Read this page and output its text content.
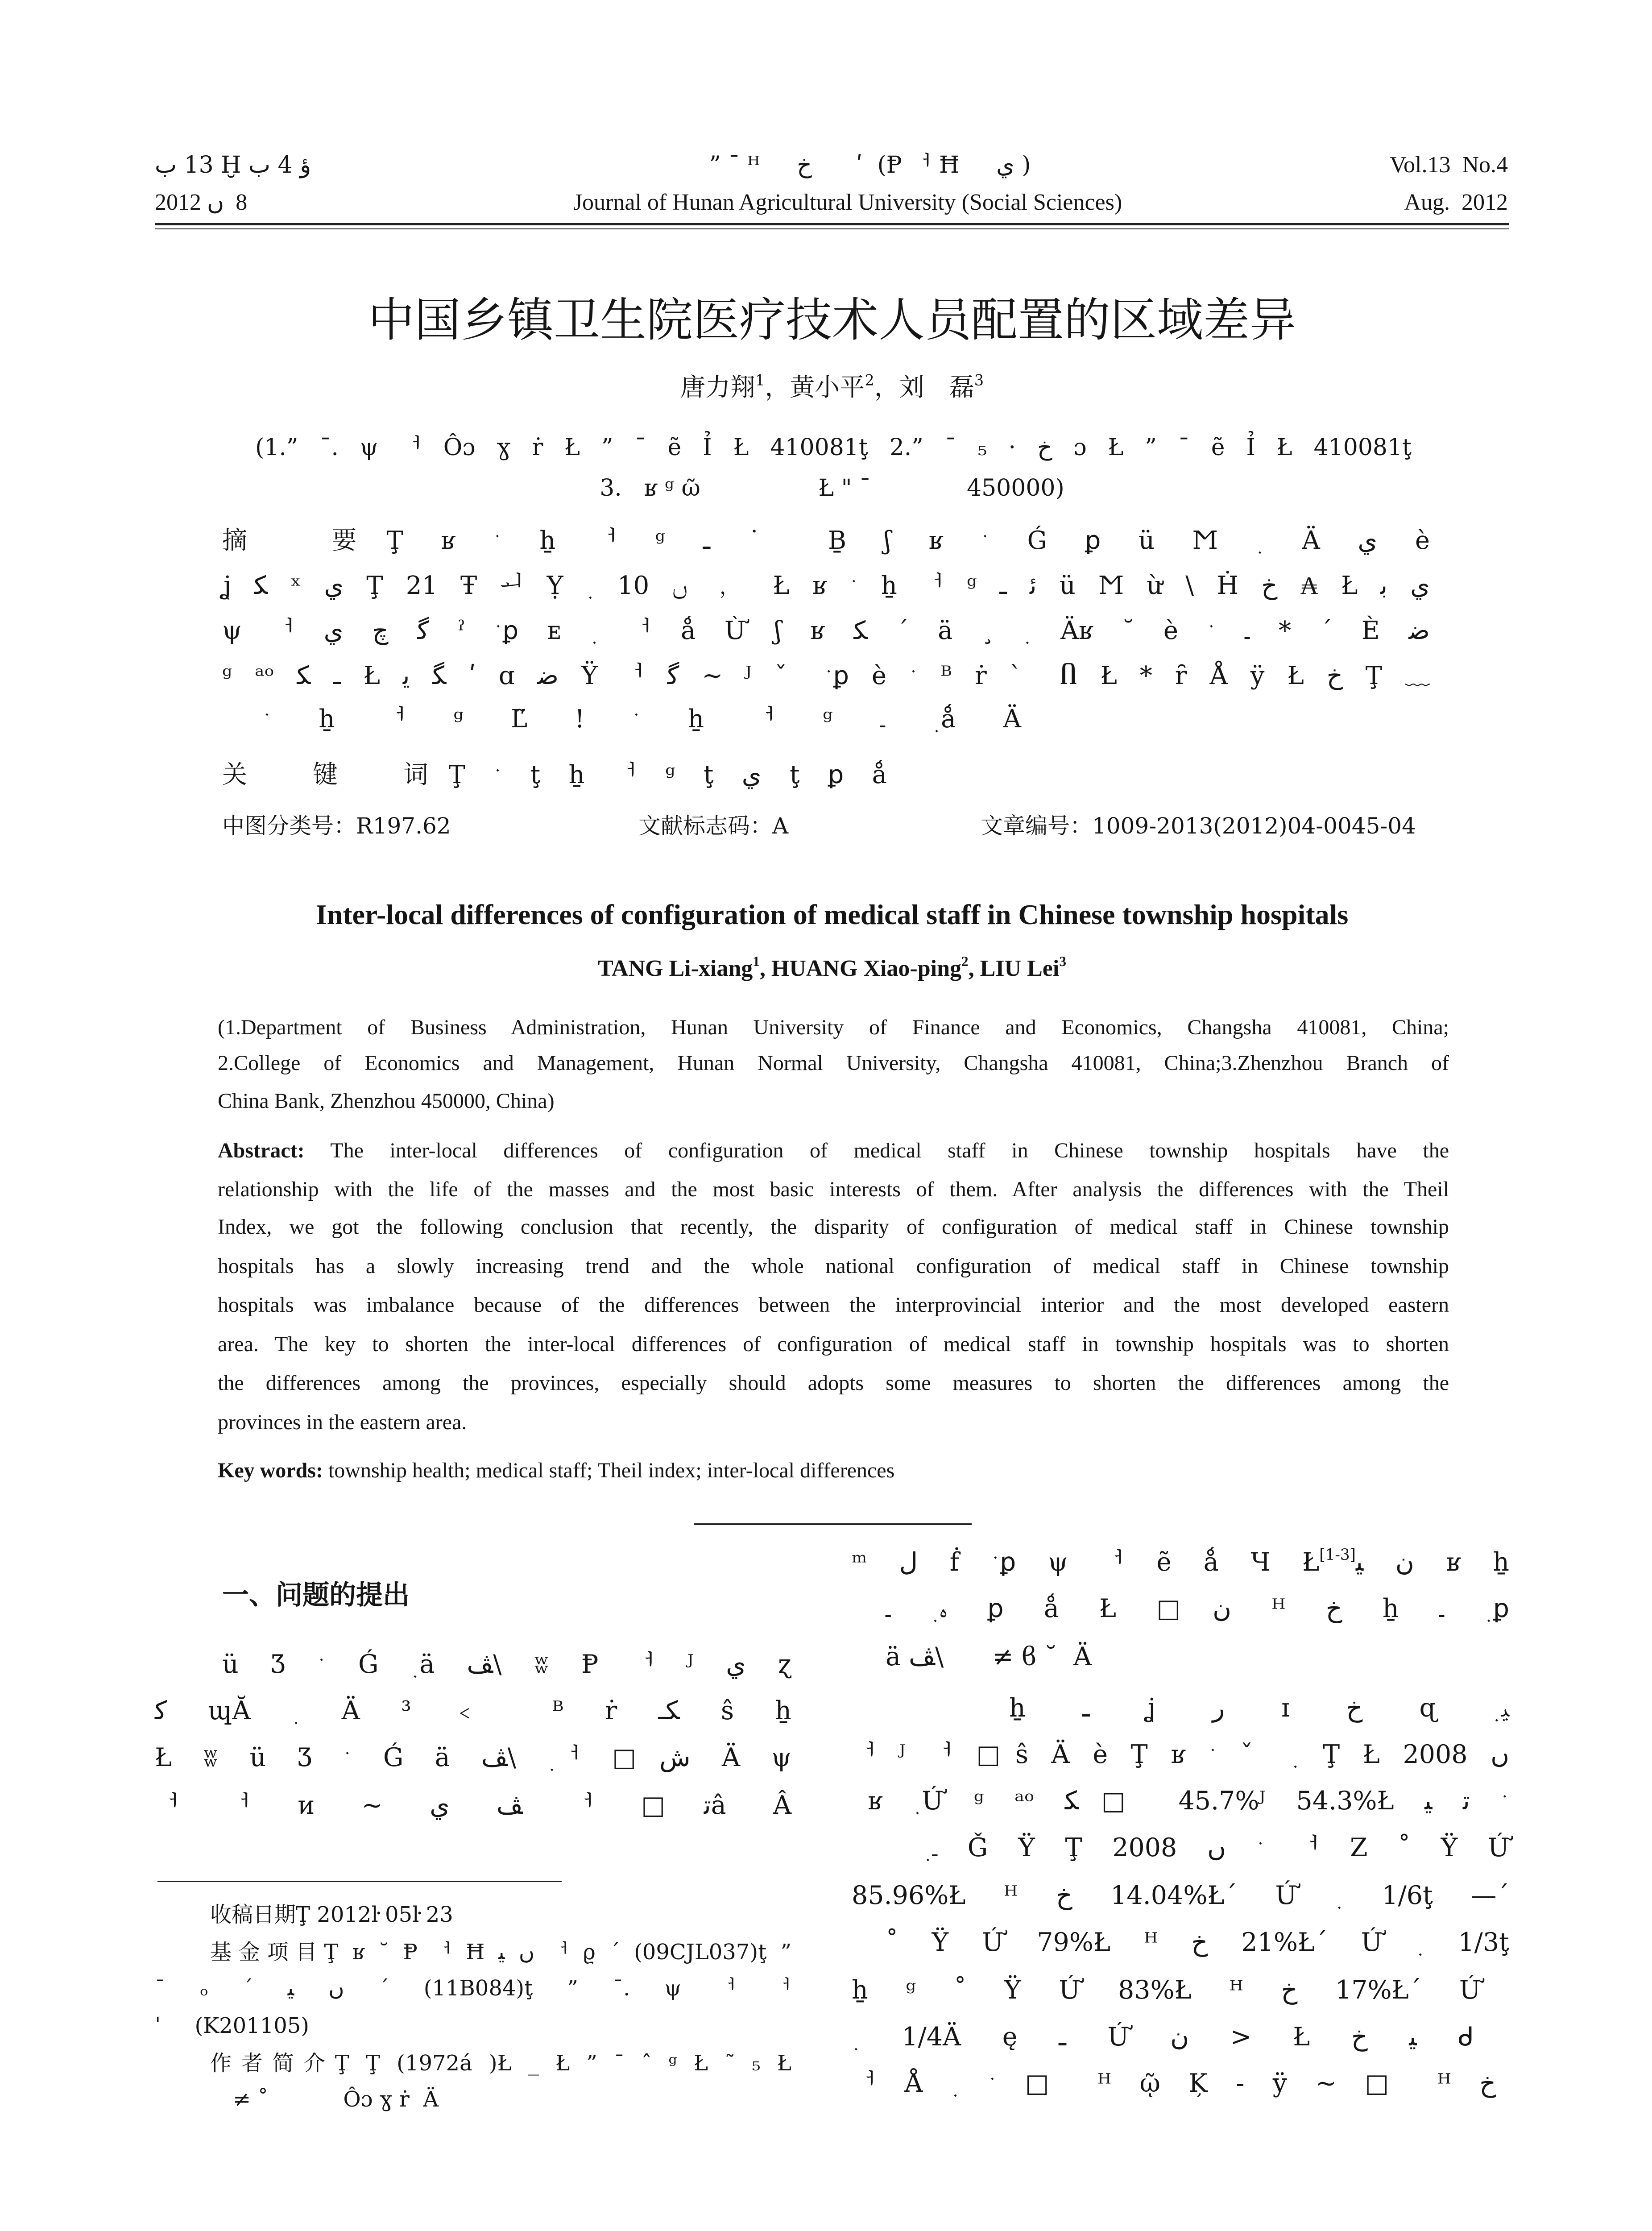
ب 13 Ḫ ب 4 ؤ
2012 ں  8
” ¯ ᴴ     ﺥ      ʹ  (Ᵽ ᅥ Ħ     ي )
Journal of Hunan Agricultural University (Social Sciences)
Vol.13  No.4
Aug.  2012
中国乡镇卫生院医疗技术人员配置的区域差异
唐力翔$^1$，黄小平$^2$，刘　磊$^3$
(1.” ¯. ψ ᅥ Ôɔ ɣ ṙ Ł ” ¯ ẽ Ỉ Ł 410081ţ 2.” ¯ ₅ · ﺥ ɔ Ł ” ¯ ẽ Ỉ Ł 410081ţ
3.   ʁ ᵍ ῶ                Ł " ¯             450000)
摘　要Ţ ʁ ﮲ ẖ ᅥ ᵍ ـ ˙ Ḇ ʃ ʁ ﮲ Ǵ ꝑ ü Ϻ ﮳ Ä ي è
ʝ ﮑ ˣ ي Ţ 21 Ŧ ᅬ Ỵ ﮳ 10 ں ﹐ Ł ʁ ﮲ ẖ ᅥ ᵍ ـ ﺋ ü Ϻ ừ \ Ḣ ﺥ ₳ Ł ﺑ ي
ψ ᅥ ي ﭺ ﮔ ˀ ﮲ꝑ ᴇ ﮳ ᅥ ǻ Ừ ʃ ʁ ﮑ ´ ä ¸ ﮳ Äʁ ˘ è ﮲ ـ * ´ È ﺿ
ᵍ ᵃᵒ ﮑ ـ Ł ﯾ ﮕ ʹ ɑ ﺿ Ÿ ᅥ ﮔ ~ ᴶ ˇ ﮲ꝑ è ﮲ ᴮ ṙ ˋ Ⴖ Ł * ȓ Å ÿ Ł ﺥ Ţ ﹏
﮲ ẖ ᅥ ᵍ Ľ̃ ! ﮲ ẖ ᅥ ᵍ ـ ﮳ǻ Ä
关　键　词Ţ ﮲ ţ ẖ ᅥ ᵍ ţ ي ţ ꝑ ǻ
中图分类号：R197.62	文献标志码：A	文章编号：1009-2013(2012)04-0045-04
Inter-local differences of configuration of medical staff in Chinese township hospitals
TANG Li-xiang$^1$, HUANG Xiao-ping$^2$, LIU Lei$^3$
(1.Department of Business Administration, Hunan University of Finance and Economics, Changsha 410081, China;
2.College of Economics and Management, Hunan Normal University, Changsha 410081, China;3.Zhenzhou Branch of
China Bank, Zhenzhou 450000, China)
Abstract: The inter-local differences of configuration of medical staff in Chinese township hospitals have the
relationship with the life of the masses and the most basic interests of them. After analysis the differences with the Theil
Index, we got the following conclusion that recently, the disparity of configuration of medical staff in Chinese township
hospitals has a slowly increasing trend and the whole national configuration of medical staff in Chinese township
hospitals was imbalance because of the differences between the interprovincial interior and the most developed eastern
area. The key to shorten the inter-local differences of configuration of medical staff in township hospitals was to shorten
the differences among the provinces, especially should adopts some measures to shorten the differences among the
provinces in the eastern area.
Key words: township health; medical staff; Theil index; inter-local differences
一、问题的提出
ü Ʒ ﮲ Ǵ ﮳ä ﭫ\ ʬ Ᵽ ᅥ ᴶ ي ɀ
ﮐ ɰĂ ﮳ Ä ³ ﹤ ᴮ ṙ ـﮑ ŝ ẖ
Ł ʬ ü Ʒ ﮲ Ǵ ä ﭫ\ ﮳ᅥ □ﺵ Ä ψ
ᅥ ᅥ ᴎ ~ ي ﭫ ᅥ □ﺗâ Â
收稿日期Ţ 2012ŀ 05ŀ 23
基金项目Ţ ʁ ˘ Ᵽ ᅥ Ħ ﯿ ں ᅥ ϱ ´ (09CJL037)ţ ”
¯ ₒ ´ ﯿ ں ´ (11B084)ţ ” ¯. ψ ᅥ ᅥ
ˈ     (K201105)
作者简介Ţ Ţ (1972á )Ł _ Ł ” ¯ ˆ ᵍ Ł ˜ ₅ Ł
≠ ˚           Ôɔ ɣ ṙ  Ä
ᵐ ﻝ ḟ ﮲ꝑ ψ ᅥ ẽ ǻ Ч Ł[1-3]ﯿ ﻥ ʁ ẖ
ـ ﮳ﮦ ꝑ ǻ Ł □ﻥ ᴴ ﺥ ẖ ـ ﮳ꝑ
ä ﭫ\      ≠ ϐ ˘  Ä
ẖ ـ ʝ ﺭ ɪ ﺥ ɋ ﮳ﯿ
ᅥ ᴶ ᅥ □ŝ Ä è Ţ ʁ ﮲ ˇ ﮳ Ţ Ł 2008 ں
ʁ ﮳Ứ ᵍ ᵃᵒ ﮑ□ 45.7%ᴶ 54.3%Ł ﯿ ﺗ ﮲
﮳ـ Ǧ Ÿ Ţ 2008 ں ﮲ ᅥ Ζ ˚ Ÿ Ứ
85.96%Ł ᴴ ﺥ 14.04%Ł´ Ứ ﮳ 1/6ţ —´
˚ Ÿ Ứ 79%Ł ᴴ ﺥ 21%Ł´ Ứ ﮳ 1/3ţ
ẖ ᵍ ˚ Ÿ Ứ 83%Ł ᴴ ﺥ 17%Ł´ Ứ
﮳ 1/4Ä ę ـ Ứ ﻥ > Ł ﺥ ﯿ ᑯ
ᅥ Å ﮳ ﮲ □ ᴴ ῷ Ķ - ÿ ~ □ ᴴ ﺥ
